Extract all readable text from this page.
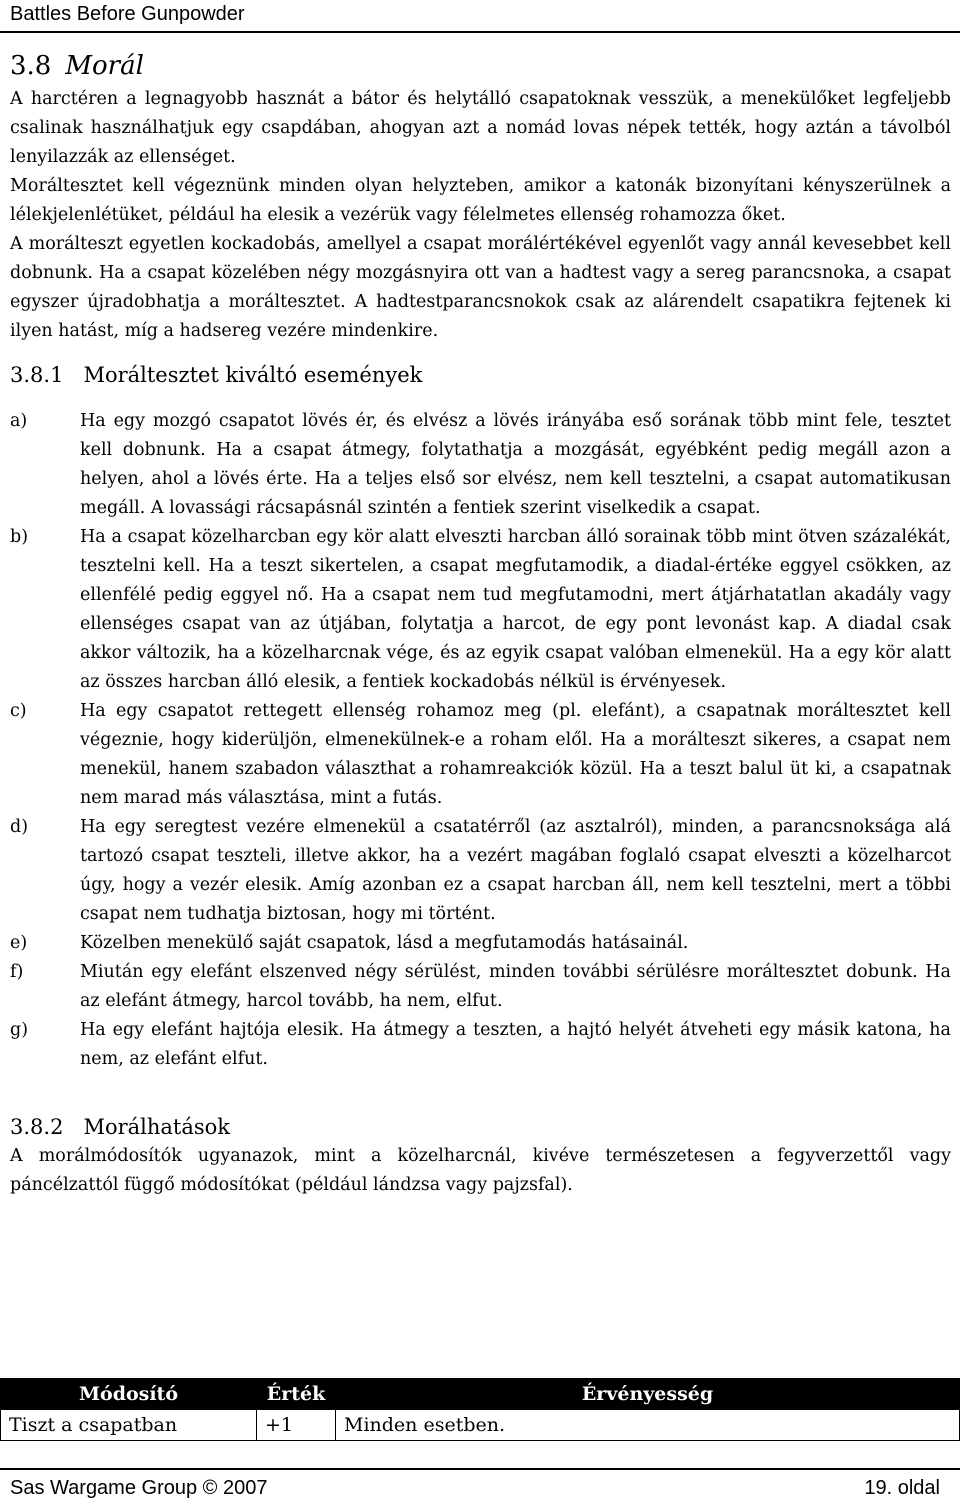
Battles Before Gunpowder
3.8 Morál

A harctéren a legnagyobb hasznát a bátor és helytálló csapatoknak vesszük, a menekülőket legfeljebb csalinak használhatjuk egy csapdában, ahogyan azt a nomád lovas népek tették, hogy aztán a távolból lenyilazzák az ellenséget.

Moráltesztet kell végeznünk minden olyan helyzteben, amikor a katonák bizonyítani kényszerülnek a lélekjelenlétüket, például ha elesik a vezérük vagy félelmetes ellenség rohamozza őket.

A morálteszt egyetlen kockadobás, amellyel a csapat morálértékével egyenlőt vagy annál kevesebbet kell dobnunk. Ha a csapat közelében négy mozgásnyira ott van a hadtest vagy a sereg parancsnoka, a csapat egyszer újradobhatja a moráltesztet. A hadtestparancsnokok csak az alárendelt csapatikra fejtenek ki ilyen hatást, míg a hadsereg vezére mindenkire.

3.8.1 Moráltesztet kiváltó események
a)	Ha egy mozgó csapatot lövés ér, és elvész a lövés irányába eső sorának több mint fele, tesztet kell dobnunk. Ha a csapat átmegy, folytathatja a mozgását, egyébként pedig megáll azon a helyen, ahol a lövés érte. Ha a teljes első sor elvész, nem kell tesztelni, a csapat automatikusan megáll. A lovassági rácsapásnál szintén a fentiek szerint viselkedik a csapat.
b)	Ha a csapat közelharcban egy kör alatt elveszti harcban álló sorainak több mint ötven százalékát, tesztelni kell. Ha a teszt sikertelen, a csapat megfutamodik, a diadal-értéke eggyel csökken, az ellenfélé pedig eggyel nő. Ha a csapat nem tud megfutamodni, mert átjárhatatlan akadály vagy ellenséges csapat van az útjában, folytatja a harcot, de egy pont levonást kap. A diadal csak akkor változik, ha a közelharcnak vége, és az egyik csapat valóban elmenekül. Ha a egy kör alatt az összes harcban álló elesik, a fentiek kockadobás nélkül is érvényesek.
c)	Ha egy csapatot rettegett ellenség rohamoz meg (pl. elefánt), a csapatnak moráltesztet kell végeznie, hogy kiderüljön, elmenekülnek-e a roham elől. Ha a morálteszt sikeres, a csapat nem menekül, hanem szabadon választhat a rohamreakciók közül. Ha a teszt balul üt ki, a csapatnak nem marad más választása, mint a futás.
d)	Ha egy seregtest vezére elmenekül a csatatérről (az asztalról), minden, a parancsnoksága alá tartozó csapat teszteli, illetve akkor, ha a vezért magában foglaló csapat elveszti a közelharcot úgy, hogy a vezér elesik. Amíg azonban ez a csapat harcban áll, nem kell tesztelni, mert a többi csapat nem tudhatja biztosan, hogy mi történt.
e)	Közelben menekülő saját csapatok, lásd a megfutamodás hatásainál.
f)	Miután egy elefánt elszenved négy sérülést, minden további sérülésre moráltesztet dobunk. Ha az elefánt átmegy, harcol tovább, ha nem, elfut.
g)	Ha egy elefánt hajtója elesik. Ha átmegy a teszten, a hajtó helyét átveheti egy másik katona, ha nem, az elefánt elfut.
3.8.2 Morálhatások

A morálmódosítók ugyanazok, mint a közelharcnál, kivéve természetesen a fegyverzettől vagy páncélzattól függő módosítókat (például lándzsa vagy pajzsfal).

Módosító	Érték	Érvényesség
Tiszt a csapatban	+1	Minden esetben.
Sas Wargame Group © 2007	19. oldal
